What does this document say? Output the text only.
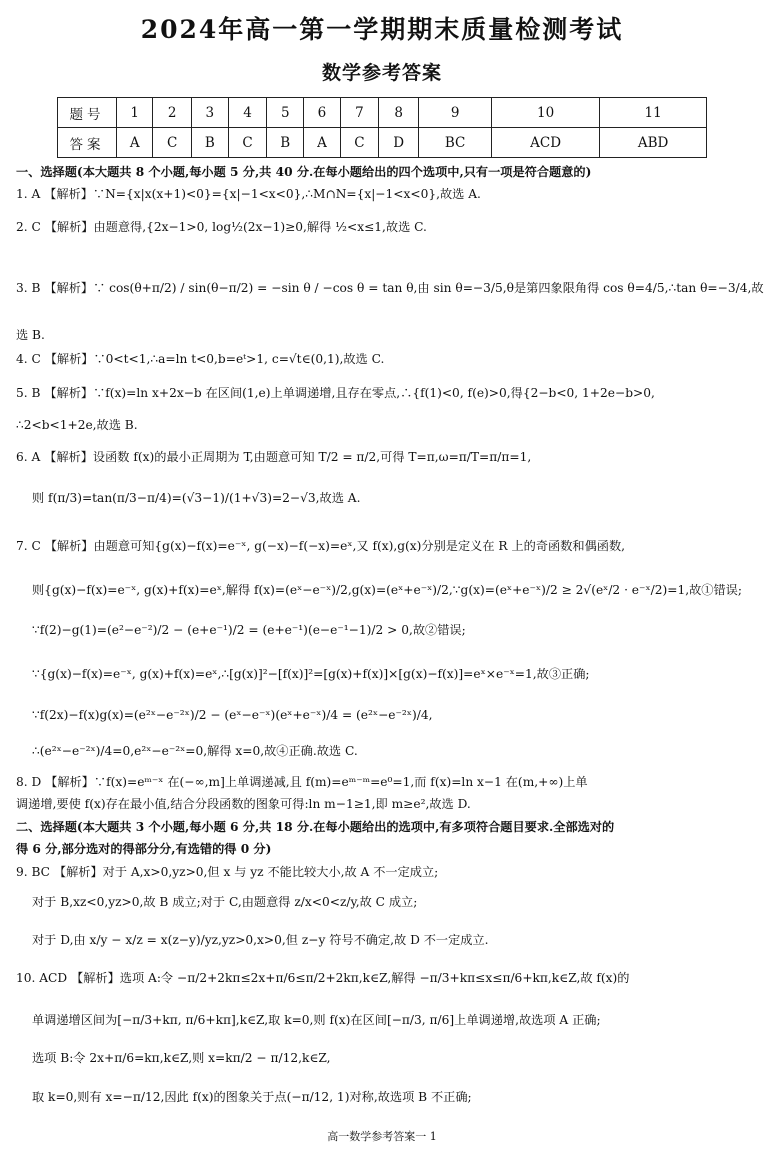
2024年高一第一学期期末质量检测考试
数学参考答案
题号	1	2	3	4	5	6	7	8	9	10	11
答案	A	C	B	C	B	A	C	D	BC	ACD	ABD
一、选择题(本大题共 8 个小题,每小题 5 分,共 40 分.在每小题给出的四个选项中,只有一项是符合题意的)
1. A 【解析】∵N={x|x(x+1)<0}={x|−1<x<0},∴M∩N={x|−1<x<0},故选 A.
2. C 【解析】由题意得,{2x−1>0, log½(2x−1)≥0,解得 ½<x≤1,故选 C.
3. B 【解析】∵ cos(θ+π/2) / sin(θ−π/2) = −sin θ / −cos θ = tan θ,由 sin θ=−3/5,θ是第四象限角得 cos θ=4/5,∴tan θ=−3/4,故
选 B.
4. C 【解析】∵0<t<1,∴a=ln t<0,b=eᵗ>1, c=√t∈(0,1),故选 C.
5. B 【解析】∵f(x)=ln x+2x−b 在区间(1,e)上单调递增,且存在零点,∴{f(1)<0, f(e)>0,得{2−b<0, 1+2e−b>0,
∴2<b<1+2e,故选 B.
6. A 【解析】设函数 f(x)的最小正周期为 T,由题意可知 T/2 = π/2,可得 T=π,ω=π/T=π/π=1,
则 f(π/3)=tan(π/3−π/4)=(√3−1)/(1+√3)=2−√3,故选 A.
7. C 【解析】由题意可知{g(x)−f(x)=e⁻ˣ, g(−x)−f(−x)=eˣ,又 f(x),g(x)分别是定义在 R 上的奇函数和偶函数,
则{g(x)−f(x)=e⁻ˣ, g(x)+f(x)=eˣ,解得 f(x)=(eˣ−e⁻ˣ)/2,g(x)=(eˣ+e⁻ˣ)/2,∵g(x)=(eˣ+e⁻ˣ)/2 ≥ 2√(eˣ/2 · e⁻ˣ/2)=1,故①错误;
∵f(2)−g(1)=(e²−e⁻²)/2 − (e+e⁻¹)/2 = (e+e⁻¹)(e−e⁻¹−1)/2 > 0,故②错误;
∵{g(x)−f(x)=e⁻ˣ, g(x)+f(x)=eˣ,∴[g(x)]²−[f(x)]²=[g(x)+f(x)]×[g(x)−f(x)]=eˣ×e⁻ˣ=1,故③正确;
∵f(2x)−f(x)g(x)=(e²ˣ−e⁻²ˣ)/2 − (eˣ−e⁻ˣ)(eˣ+e⁻ˣ)/4 = (e²ˣ−e⁻²ˣ)/4,
∴(e²ˣ−e⁻²ˣ)/4=0,e²ˣ−e⁻²ˣ=0,解得 x=0,故④正确.故选 C.
8. D 【解析】∵f(x)=eᵐ⁻ˣ 在(−∞,m]上单调递减,且 f(m)=eᵐ⁻ᵐ=e⁰=1,而 f(x)=ln x−1 在(m,+∞)上单
调递增,要使 f(x)存在最小值,结合分段函数的图象可得:ln m−1≥1,即 m≥e²,故选 D.
二、选择题(本大题共 3 个小题,每小题 6 分,共 18 分.在每小题给出的选项中,有多项符合题目要求.全部选对的
得 6 分,部分选对的得部分分,有选错的得 0 分)
9. BC 【解析】对于 A,x>0,yz>0,但 x 与 yz 不能比较大小,故 A 不一定成立;
对于 B,xz<0,yz>0,故 B 成立;对于 C,由题意得 z/x<0<z/y,故 C 成立;
对于 D,由 x/y − x/z = x(z−y)/yz,yz>0,x>0,但 z−y 符号不确定,故 D 不一定成立.
10. ACD 【解析】选项 A:令 −π/2+2kπ≤2x+π/6≤π/2+2kπ,k∈Z,解得 −π/3+kπ≤x≤π/6+kπ,k∈Z,故 f(x)的
单调递增区间为[−π/3+kπ, π/6+kπ],k∈Z,取 k=0,则 f(x)在区间[−π/3, π/6]上单调递增,故选项 A 正确;
选项 B:令 2x+π/6=kπ,k∈Z,则 x=kπ/2 − π/12,k∈Z,
取 k=0,则有 x=−π/12,因此 f(x)的图象关于点(−π/12, 1)对称,故选项 B 不正确;
高一数学参考答案一 1
